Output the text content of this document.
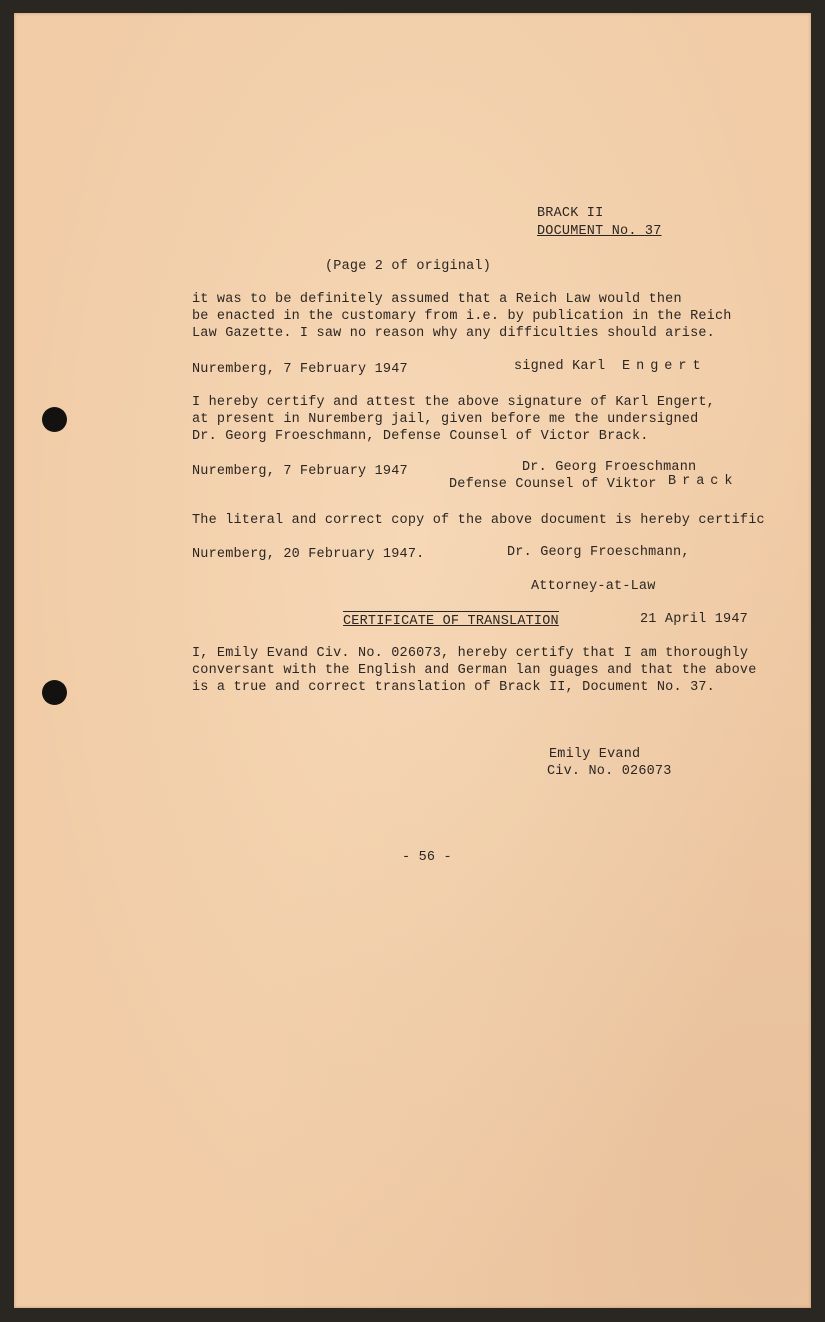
BRACK II
DOCUMENT No. 37
(Page 2 of original)
it was to be definitely assumed that a Reich Law would then
be enacted in the customary from i.e. by publication in the Reich
Law Gazette. I saw no reason why any difficulties should arise.
Nuremberg, 7 February 1947	signed Karl Engert
I hereby certify and attest the above signature of Karl Engert,
at present in Nuremberg jail, given before me the undersigned
Dr. Georg Froeschmann, Defense Counsel of Victor Brack.
Nuremberg, 7 February 1947	Dr. Georg Froeschmann
Defense Counsel of Viktor Brack
The literal and correct copy of the above document is hereby certific
Nuremberg, 20 February 1947.	Dr. Georg Froeschmann,
Attorney-at-Law
CERTIFICATE OF TRANSLATION	21 April 1947
I, Emily Evand Civ. No. 026073, hereby certify that I am thoroughly
conversant with the English and German lan guages and that the above
is a true and correct translation of Brack II, Document No. 37.
Emily Evand
Civ. No. 026073
- 56 -
